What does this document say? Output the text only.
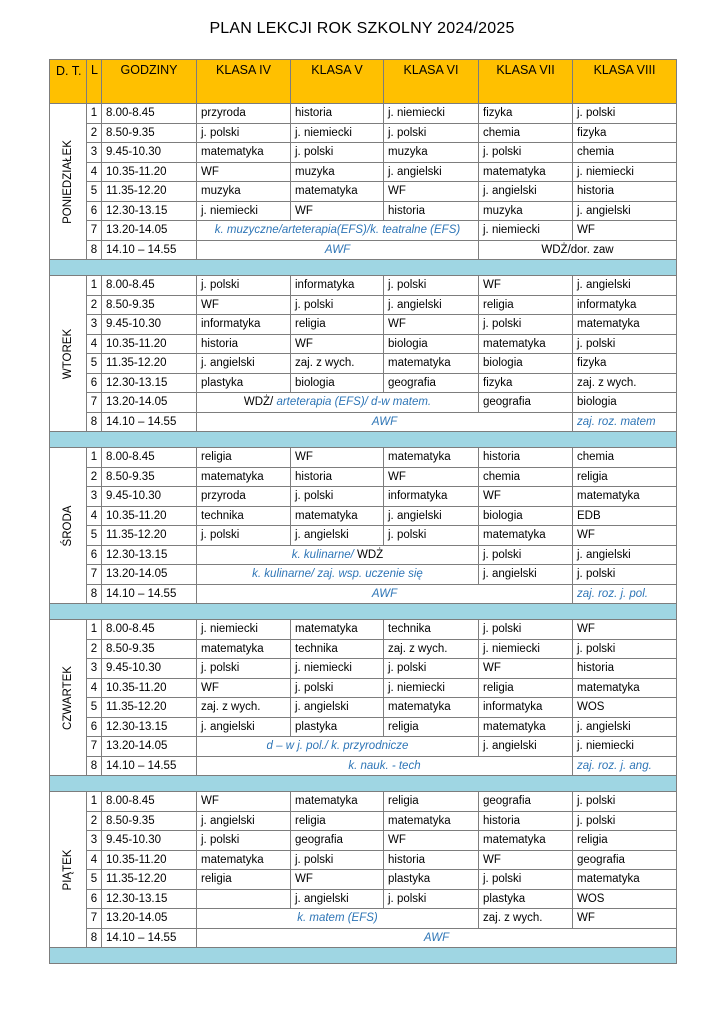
PLAN LEKCJI ROK SZKOLNY 2024/2025
D. T.	L	GODZINY	KLASA IV	KLASA V	KLASA VI	KLASA VII	KLASA VIII

PONIEDZIAŁEK	1	8.00-8.45	przyroda	historia	j. niemiecki	fizyka	j. polski
	2	8.50-9.35	j. polski	j. niemiecki	j. polski	chemia	fizyka
	3	9.45-10.30	matematyka	j. polski	muzyka	j. polski	chemia
	4	10.35-11.20	WF	muzyka	j. angielski	matematyka	j. niemiecki
	5	11.35-12.20	muzyka	matematyka	WF	j. angielski	historia
	6	12.30-13.15	j. niemiecki	WF	historia	muzyka	j. angielski
	7	13.20-14.05	k. muzyczne/arteterapia(EFS)/k. teatralne (EFS)			j. niemiecki	WF
	8	14.10 – 14.55	AWF			WDŻ/dor. zaw	

WTOREK	1	8.00-8.45	j. polski	informatyka	j. polski	WF	j. angielski
	2	8.50-9.35	WF	j. polski	j. angielski	religia	informatyka
	3	9.45-10.30	informatyka	religia	WF	j. polski	matematyka
	4	10.35-11.20	historia	WF	biologia	matematyka	j. polski
	5	11.35-12.20	j. angielski	zaj. z wych.	matematyka	biologia	fizyka
	6	12.30-13.15	plastyka	biologia	geografia	fizyka	zaj. z wych.
	7	13.20-14.05	WDŻ/ arteterapia (EFS)/ d-w matem.			geografia	biologia
	8	14.10 – 14.55	AWF				zaj. roz. matem

ŚRODA	1	8.00-8.45	religia	WF	matematyka	historia	chemia
	2	8.50-9.35	matematyka	historia	WF	chemia	religia
	3	9.45-10.30	przyroda	j. polski	informatyka	WF	matematyka
	4	10.35-11.20	technika	matematyka	j. angielski	biologia	EDB
	5	11.35-12.20	j. polski	j. angielski	j. polski	matematyka	WF
	6	12.30-13.15	k. kulinarne/ WDŻ			j. polski	j. angielski
	7	13.20-14.05	k. kulinarne/ zaj. wsp. uczenie się			j. angielski	j. polski
	8	14.10 – 14.55	AWF				zaj. roz. j. pol.

CZWARTEK	1	8.00-8.45	j. niemiecki	matematyka	technika	j. polski	WF
	2	8.50-9.35	matematyka	technika	zaj. z wych.	j. niemiecki	j. polski
	3	9.45-10.30	j. polski	j. niemiecki	j. polski	WF	historia
	4	10.35-11.20	WF	j. polski	j. niemiecki	religia	matematyka
	5	11.35-12.20	zaj. z wych.	j. angielski	matematyka	informatyka	WOS
	6	12.30-13.15	j. angielski	plastyka	religia	matematyka	j. angielski
	7	13.20-14.05	d – w j. pol./ k. przyrodnicze			j. angielski	j. niemiecki
	8	14.10 – 14.55	k. nauk. - tech				zaj. roz. j. ang.

PIĄTEK	1	8.00-8.45	WF	matematyka	religia	geografia	j. polski
	2	8.50-9.35	j. angielski	religia	matematyka	historia	j. polski
	3	9.45-10.30	j. polski	geografia	WF	matematyka	religia
	4	10.35-11.20	matematyka	j. polski	historia	WF	geografia
	5	11.35-12.20	religia	WF	plastyka	j. polski	matematyka
	6	12.30-13.15		j. angielski	j. polski	plastyka	WOS
	7	13.20-14.05	k. matem (EFS)			zaj. z wych.	WF
	8	14.10 – 14.55	AWF				
